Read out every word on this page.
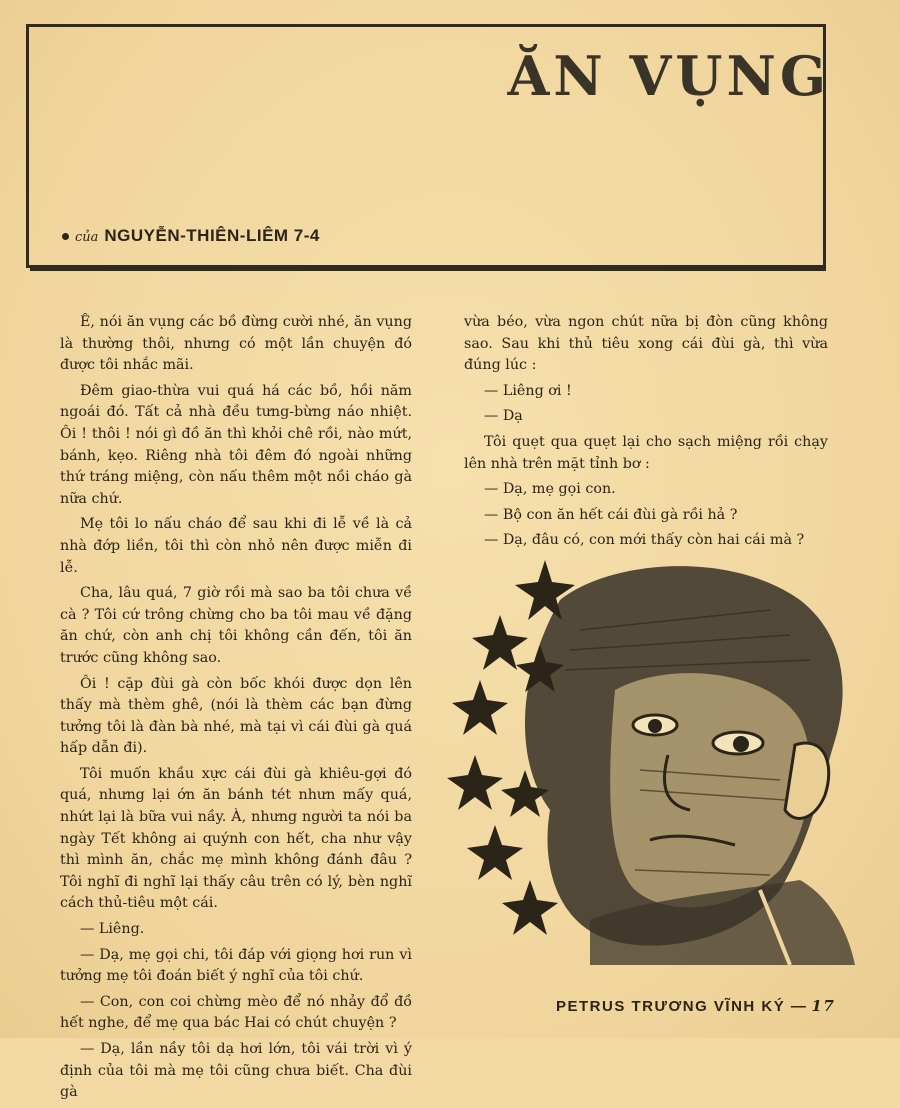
ĂN VỤNG
của NGUYỄN-THIÊN-LIÊM 7-4

Ê, nói ăn vụng các bồ đừng cười nhé, ăn vụng là thường thôi, nhưng có một lần chuyện đó được tôi nhắc mãi.

Đêm giao-thừa vui quá há các bồ, hồi năm ngoái đó. Tất cả nhà đều tưng-bừng náo nhiệt. Ôi ! thôi ! nói gì đồ ăn thì khỏi chê rồi, nào mứt, bánh, kẹo. Riêng nhà tôi đêm đó ngoài những thứ tráng miệng, còn nấu thêm một nồi cháo gà nữa chứ.

Mẹ tôi lo nấu cháo để sau khi đi lễ về là cả nhà đớp liền, tôi thì còn nhỏ nên được miễn đi lễ.

Cha, lâu quá, 7 giờ rồi mà sao ba tôi chưa về cà ? Tôi cứ trông chừng cho ba tôi mau về đặng ăn chứ, còn anh chị tôi không cần đến, tôi ăn trước cũng không sao.

Ôi ! cặp đùi gà còn bốc khói được dọn lên thấy mà thèm ghê, (nói là thèm các bạn đừng tưởng tôi là đàn bà nhé, mà tại vì cái đùi gà quá hấp dẫn đi).

Tôi muốn khầu xực cái đùi gà khiêu-gợi đó quá, nhưng lại ớn ăn bánh tét nhưn mấy quá, nhứt lại là bữa vui nầy. À, nhưng người ta nói ba ngày Tết không ai quýnh con hết, cha như vậy thì mình ăn, chắc mẹ mình không đánh đâu ? Tôi nghĩ đi nghĩ lại thấy câu trên có lý, bèn nghĩ cách thủ-tiêu một cái.

— Liêng.

— Dạ, mẹ gọi chi, tôi đáp với giọng hơi run vì tưởng mẹ tôi đoán biết ý nghĩ của tôi chứ.

— Con, con coi chừng mèo để nó nhảy đổ đồ hết nghe, để mẹ qua bác Hai có chút chuyện ?

— Dạ, lần nầy tôi dạ hơi lớn, tôi vái trời vì ý định của tôi mà mẹ tôi cũng chưa biết. Cha đùi gà

vừa béo, vừa ngon chút nữa bị đòn cũng không sao. Sau khi thủ tiêu xong cái đùi gà, thì vừa đúng lúc :

— Liêng ơi !

— Dạ

Tôi quẹt qua quẹt lại cho sạch miệng rồi chạy lên nhà trên mặt tỉnh bơ :

— Dạ, mẹ gọi con.

— Bộ con ăn hết cái đùi gà rồi hả ?

— Dạ, đâu có, con mới thấy còn hai cái mà ?

PETRUS TRƯƠNG VĨNH KÝ — 17
